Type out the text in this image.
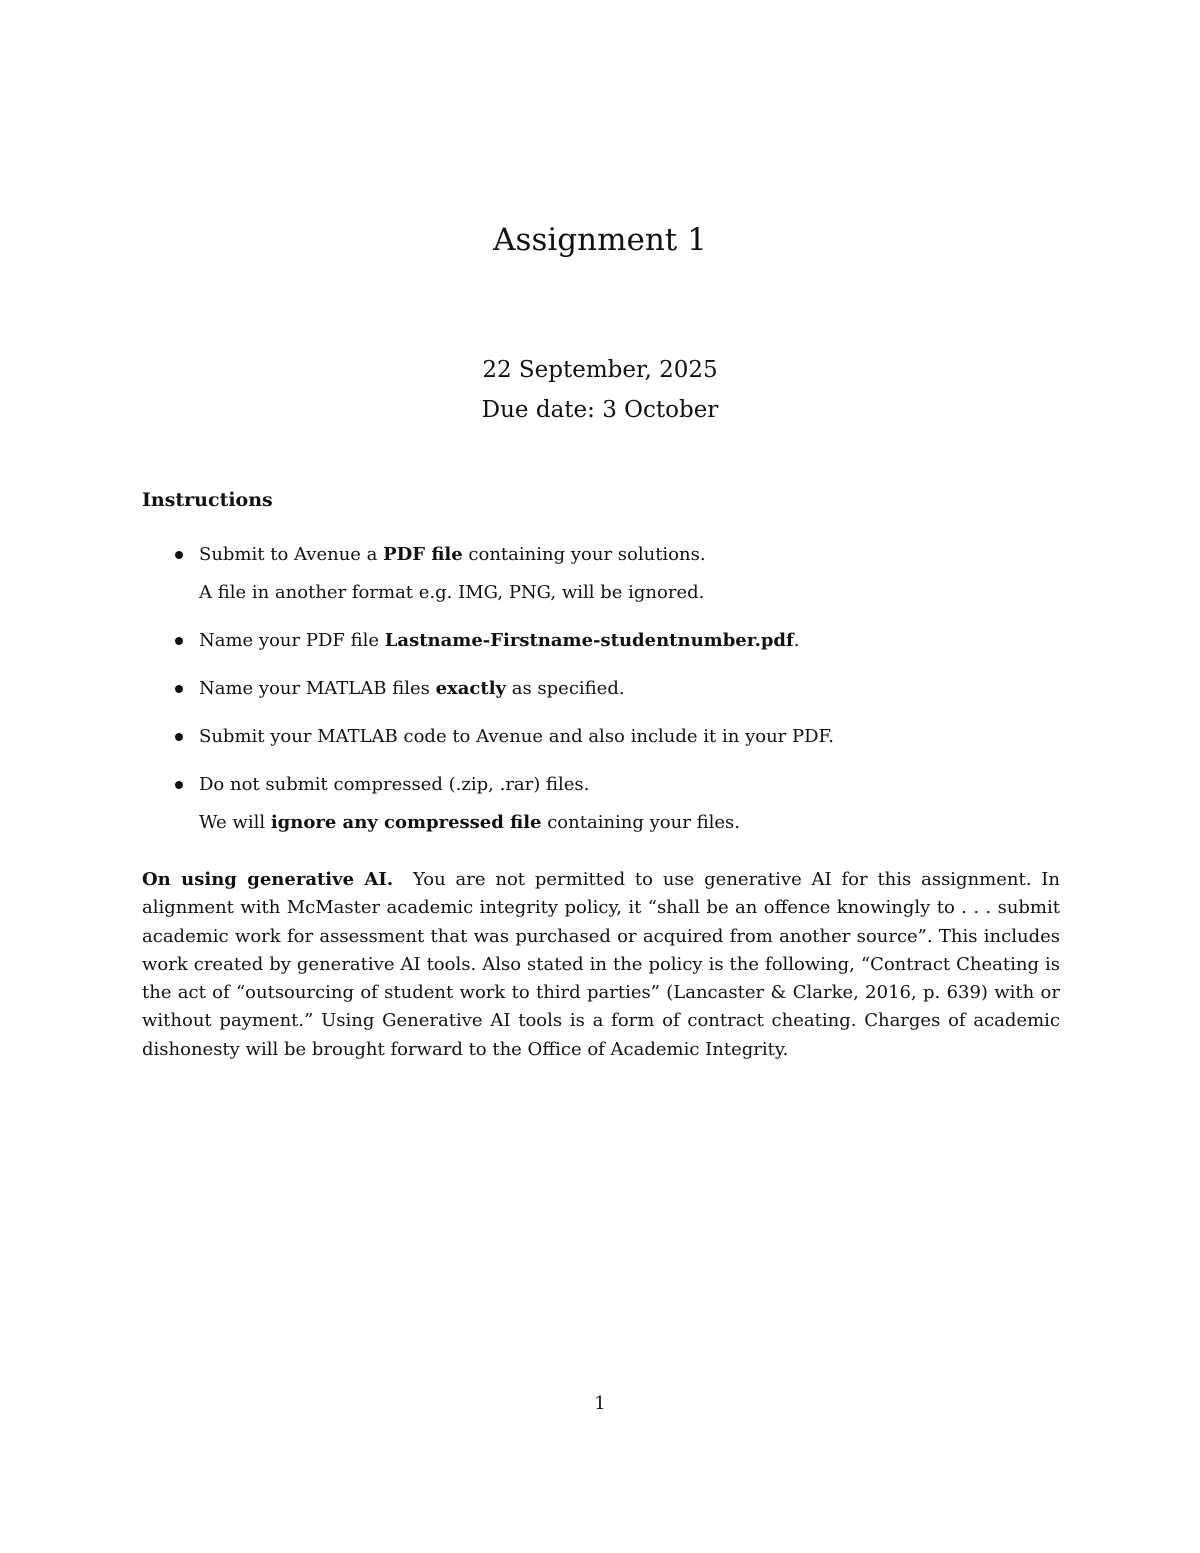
Assignment 1
22 September, 2025
Due date: 3 October
Instructions
Submit to Avenue a PDF file containing your solutions.
A file in another format e.g. IMG, PNG, will be ignored.
Name your PDF file Lastname-Firstname-studentnumber.pdf.
Name your MATLAB files exactly as specified.
Submit your MATLAB code to Avenue and also include it in your PDF.
Do not submit compressed (.zip, .rar) files.
We will ignore any compressed file containing your files.

On using generative AI. You are not permitted to use generative AI for this assignment. In alignment with McMaster academic integrity policy, it “shall be an offence knowingly to . . . submit academic work for assessment that was purchased or acquired from another source”. This includes work created by generative AI tools. Also stated in the policy is the following, “Contract Cheating is the act of “outsourcing of student work to third parties” (Lancaster & Clarke, 2016, p. 639) with or without payment.” Using Generative AI tools is a form of contract cheating. Charges of academic dishonesty will be brought forward to the Office of Academic Integrity.

1
